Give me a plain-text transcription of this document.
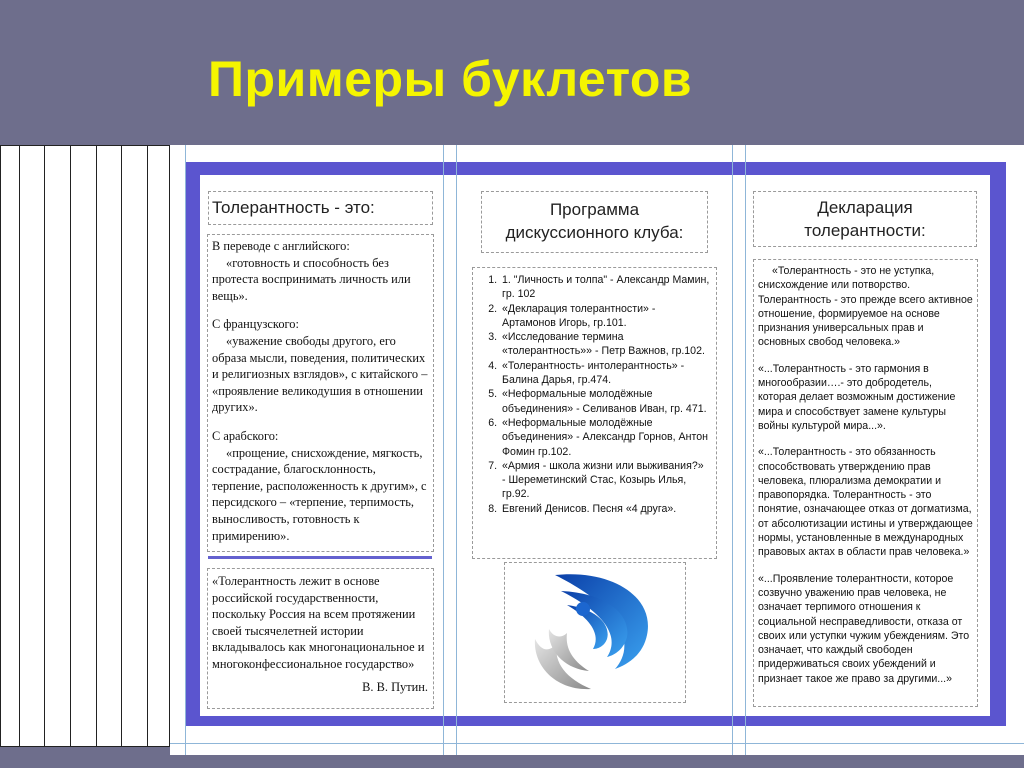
Примеры буклетов
Толерантность - это:
В переводе с английского:
«готовность и способность без протеста воспринимать личность или вещь».
С французского:
«уважение свободы другого, его образа мысли, поведения, политических и религиозных взглядов», с китайского – «проявление великодушия в отношении других».
С арабского:
«прощение, снисхождение, мягкость, сострадание, благосклонность, терпение, расположенность к другим», с персидского – «терпение, терпимость, выносливость, готовность к примирению».
«Толерантность лежит в основе российской государственности, поскольку Россия на всем протяжении своей тысячелетней истории вкладывалось как многонациональное и многоконфессиональное государство»
В. В. Путин.
Программа дискуссионного клуба:
1. 1. "Личность и толпа" - Александр Мамин, гр. 102
2. «Декларация толерантности» - Артамонов Игорь, гр.101.
3. «Исследование термина «толерантность»» - Петр Важнов, гр.102.
4. «Толерантность- интолерантность» - Балина Дарья, гр.474.
5. «Неформальные молодёжные объединения» - Селиванов Иван, гр. 471.
6. «Неформальные молодёжные объединения» - Александр Горнов, Антон Фомин гр.102.
7. «Армия - школа жизни или выживания?» - Шереметинский Стас, Козырь Илья, гр.92.
8. Евгений Денисов. Песня «4 друга».
Декларация толерантности:
«Толерантность - это не уступка, снисхождение или потворство. Толерантность - это прежде всего активное отношение, формируемое на основе признания универсальных прав и основных свобод человека.»
«...Толерантность - это гармония в многообразии….- это добродетель, которая делает возможным достижение мира и способствует замене культуры войны культурой мира...».
«...Толерантность - это обязанность способствовать утверждению прав человека, плюрализма демократии и правопорядка. Толерантность - это понятие, означающее отказ от догматизма, от абсолютизации истины и утверждающее нормы, установленные в международных правовых актах в области прав человека.»
«...Проявление толерантности, которое созвучно уважению прав человека, не означает терпимого отношения к социальной несправедливости, отказа от своих или уступки чужим убеждениям. Это означает, что каждый свободен придерживаться своих убеждений и признает такое же право за другими...»
